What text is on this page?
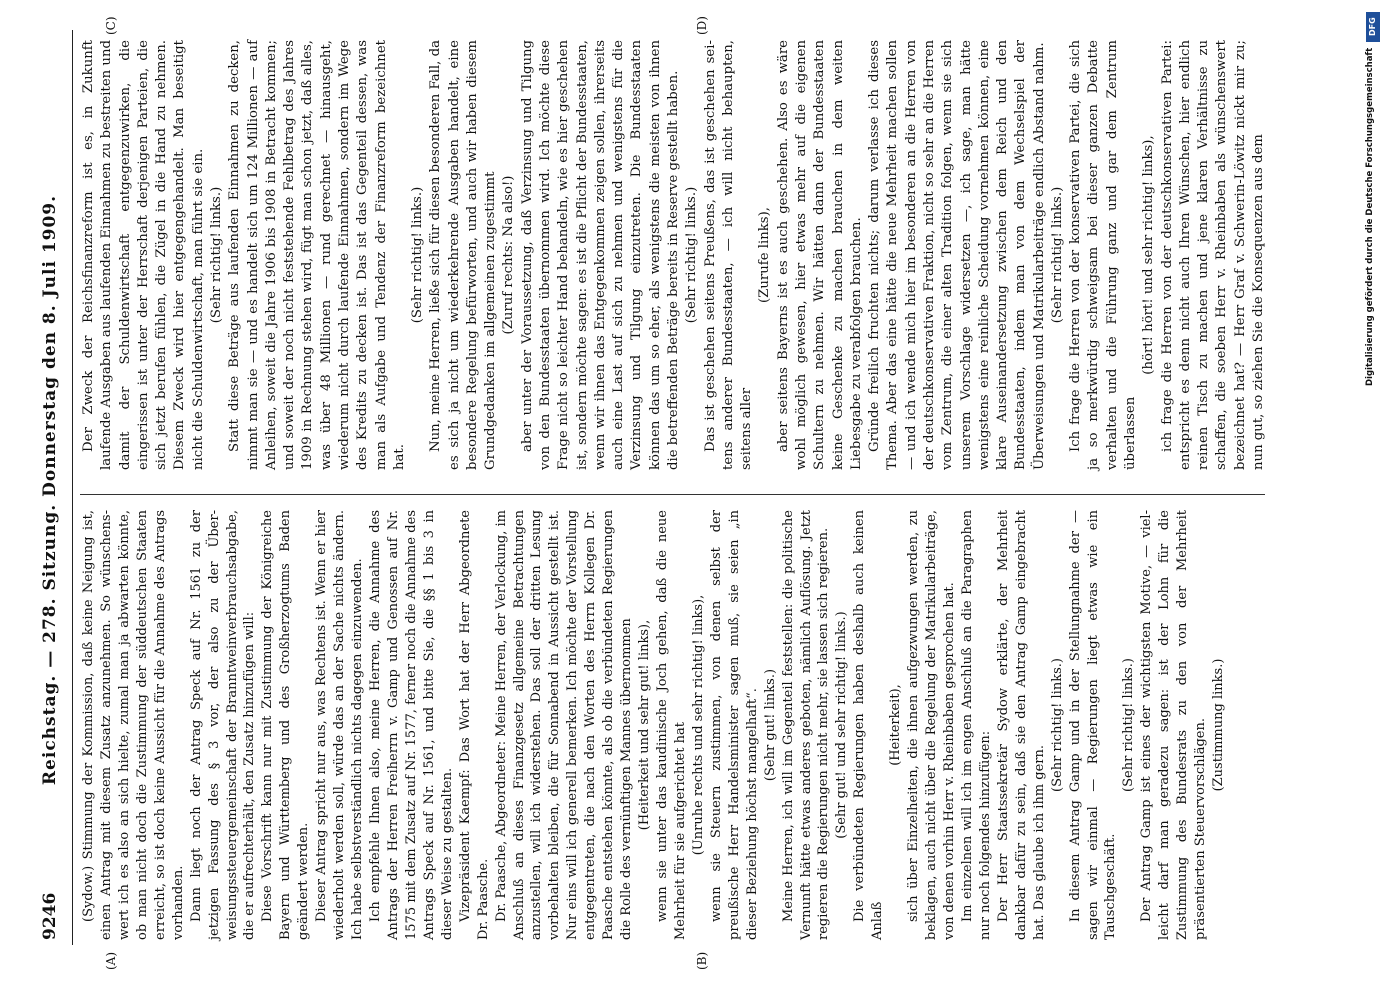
9246
Reichstag. — 278. Sitzung. Donnerstag den 8. Juli 1909.
(A)	(B)
(C)	(D)

(Sydow.) Stimmung der Kommission, daß keine Neigung ist, einen Antrag mit diesem Zusatz anzunehmen. So wünschenswert ich es also an sich hielte, zumal man ja abwarten könnte, ob man nicht doch die Zustimmung der süddeutschen Staaten erreicht, so ist doch keine Aussicht für die Annahme des Antrags vorhanden. Dann liegt noch der Antrag Speck auf Nr. 1561 zu der jetzigen Fassung des § 3 vor, der also zu der Überweisungssteuergemeinschaft der Branntweinverbrauchsabgabe, die er aufrechterhält, den Zusatz hinzufügen will: Diese Vorschrift kann nur mit Zustimmung der Königreiche Bayern und Württemberg und des Großherzogtums Baden geändert werden. Dieser Antrag spricht nur aus, was Rechtens ist. Wenn er hier wiederholt werden soll, würde das an der Sache nichts ändern. Ich habe selbstverständlich nichts dagegen einzuwenden. Ich empfehle Ihnen also, meine Herren, die Annahme des Antrags der Herren Freiherrn v. Gamp und Genossen auf Nr. 1575 mit dem Zusatz auf Nr. 1577, ferner noch die Annahme des Antrags Speck auf Nr. 1561, und bitte Sie, die §§ 1 bis 3 in dieser Weise zu gestalten. Vizepräsident Kaempf: Das Wort hat der Herr Abgeordnete Dr. Paasche. Dr. Paasche, Abgeordneter: Meine Herren, der Verlockung, im Anschluß an dieses Finanzgesetz allgemeine Betrachtungen anzustellen, will ich widerstehen. Das soll der dritten Lesung vorbehalten bleiben, die für Sonnabend in Aussicht gestellt ist. Nur eins will ich generell bemerken. Ich möchte der Vorstellung entgegentreten, die nach den Worten des Herrn Kollegen Dr. Paasche entstehen könnte, als ob die verbündeten Regierungen die Rolle des vernünftigen Mannes übernommen (Heiterkeit und sehr gut! links), wenn sie unter das kaudinische Joch gehen, daß die neue Mehrheit für sie aufgerichtet hat (Unruhe rechts und sehr richtig! links), wenn sie Steuern zustimmen, von denen selbst der preußische Herr Handelsminister sagen muß, sie seien „in dieser Beziehung höchst mangelhaft“. (Sehr gut! links.) Meine Herren, ich will im Gegenteil feststellen: die politische Vernunft hätte etwas anderes geboten, nämlich Auflösung. Jetzt regieren die Regierungen nicht mehr, sie lassen sich regieren. (Sehr gut! und sehr richtig! links.) Die verbündeten Regierungen haben deshalb auch keinen Anlaß

(Heiterkeit), sich über Einzelheiten, die ihnen aufgezwungen werden, zu beklagen, auch nicht über die Regelung der Matrikularbeiträge, von denen vorhin Herr v. Rheinbaben gesprochen hat. Im einzelnen will ich im engen Anschluß an die Paragraphen nur noch folgendes hinzufügen: Der Herr Staatssekretär Sydow erklärte, der Mehrheit dankbar dafür zu sein, daß sie den Antrag Gamp eingebracht hat. Das glaube ich ihm gern.

(Sehr richtig! links.) In diesem Antrag Gamp und in der Stellungnahme der — sagen wir einmal — Regierungen liegt etwas wie ein Tauschgeschäft.

(Sehr richtig! links.) Der Antrag Gamp ist eines der wichtigsten Motive, — vielleicht darf man geradezu sagen: ist der Lohn für die Zustimmung des Bundesrats zu den von der Mehrheit präsentierten Steuervorschlägen. (Zustimmung links.)

Der Zweck der Reichsfinanzreform ist es, in Zukunft laufende Ausgaben aus laufenden Einnahmen zu bestreiten und damit der Schuldenwirtschaft entgegenzuwirken, die eingerissen ist unter der Herrschaft derjenigen Parteien, die sich jetzt berufen fühlen, die Zügel in die Hand zu nehmen. Diesem Zweck wird hier entgegengehandelt. Man beseitigt nicht die Schuldenwirtschaft, man führt sie ein. (Sehr richtig! links.) Statt diese Beträge aus laufenden Einnahmen zu decken, nimmt man sie — und es handelt sich um 124 Millionen — auf Anleihen, soweit die Jahre 1906 bis 1908 in Betracht kommen; und soweit der noch nicht feststehende Fehlbetrag des Jahres 1909 in Rechnung stehen wird, fügt man schon jetzt, daß alles, was über 48 Millionen — rund gerechnet — hinausgeht, wiederum nicht durch laufende Einnahmen, sondern im Wege des Kredits zu decken ist. Das ist das Gegenteil dessen, was man als Aufgabe und Tendenz der Finanzreform bezeichnet hat.

(Sehr richtig! links.) Nun, meine Herren, ließe sich für diesen besonderen Fall, da es sich ja nicht um wiederkehrende Ausgaben handelt, eine besondere Regelung befürworten, und auch wir haben diesem Grundgedanken im allgemeinen zugestimmt (Zuruf rechts: Na also!) aber unter der Voraussetzung, daß Verzinsung und Tilgung von den Bundesstaaten übernommen wird. Ich möchte diese Frage nicht so leichter Hand behandeln, wie es hier geschehen ist, sondern möchte sagen: es ist die Pflicht der Bundesstaaten, wenn wir ihnen das Entgegenkommen zeigen sollen, ihrerseits auch eine Last auf sich zu nehmen und wenigstens für die Verzinsung und Tilgung einzutreten. Die Bundesstaaten können das um so eher, als wenigstens die meisten von ihnen die betreffenden Beträge bereits in Reserve gestellt haben. (Sehr richtig! links.) Das ist geschehen seitens Preußens, das ist geschehen seitens anderer Bundesstaaten, — ich will nicht behaupten, seitens aller

(Zurufe links), aber seitens Bayerns ist es auch geschehen. Also es wäre wohl möglich gewesen, hier etwas mehr auf die eigenen Schultern zu nehmen. Wir hätten dann der Bundesstaaten keine Geschenke zu machen brauchen in dem weiten Liebesgabe zu verabfolgen brauchen. Gründe freilich fruchten nichts; darum verlasse ich dieses Thema. Aber das eine hätte die neue Mehrheit machen sollen — und ich wende mich hier im besonderen an die Herren von der deutschkonservativen Fraktion, nicht so sehr an die Herren vom Zentrum, die einer alten Tradition folgen, wenn sie sich unserem Vorschlage widersetzen —, ich sage, man hätte wenigstens eine reinliche Scheidung vornehmen können, eine klare Auseinandersetzung zwischen dem Reich und den Bundesstaaten, indem man von dem Wechselspiel der Überweisungen und Matrikularbeiträge endlich Abstand nahm. (Sehr richtig! links.) Ich frage die Herren von der konservativen Partei, die sich ja so merkwürdig schweigsam bei dieser ganzen Debatte verhalten und die Führung ganz und gar dem Zentrum überlassen

(hört! hört! und sehr richtig! links), ich frage die Herren von der deutschkonservativen Partei: entspricht es denn nicht auch Ihren Wünschen, hier endlich reinen Tisch zu machen und jene klaren Verhältnisse zu schaffen, die soeben Herr v. Rheinbaben als wünschenswert bezeichnet hat? — Herr Graf v. Schwerin-Löwitz nickt mir zu; nun gut, so ziehen Sie die Konsequenzen aus dem

DFG
Digitalisierung gefördert durch die Deutsche Forschungsgemeinschaft
